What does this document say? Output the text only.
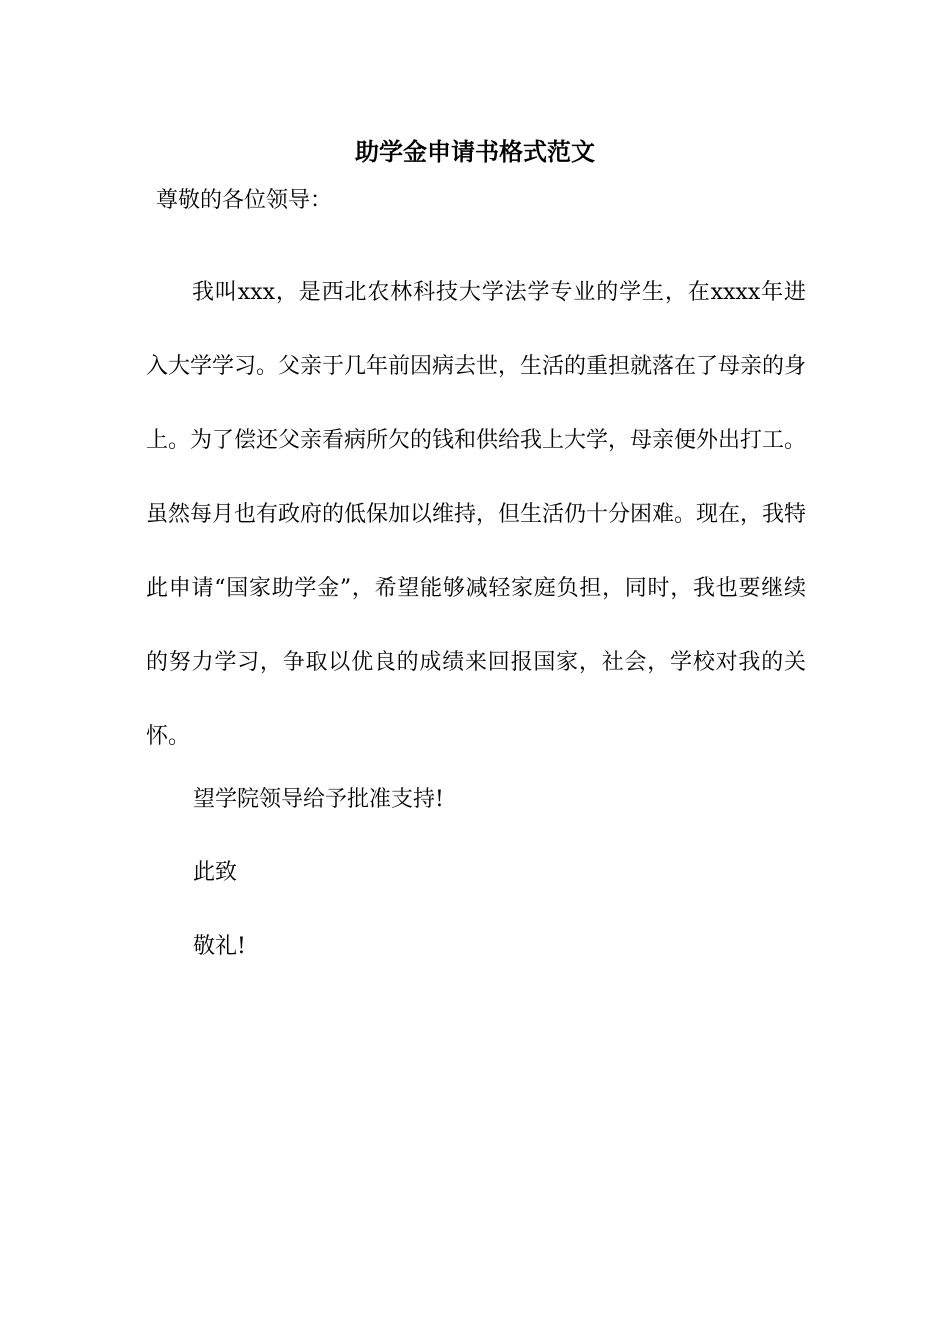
助学金申请书格式范文

尊敬的各位领导：

我叫xxx，是西北农林科技大学法学专业的学生，在xxxx年进入大学学习。父亲于几年前因病去世，生活的重担就落在了母亲的身上。为了偿还父亲看病所欠的钱和供给我上大学，母亲便外出打工。虽然每月也有政府的低保加以维持，但生活仍十分困难。现在，我特此申请“国家助学金”，希望能够减轻家庭负担，同时，我也要继续的努力学习，争取以优良的成绩来回报国家，社会，学校对我的关怀。

望学院领导给予批准支持!

此致

敬礼!
